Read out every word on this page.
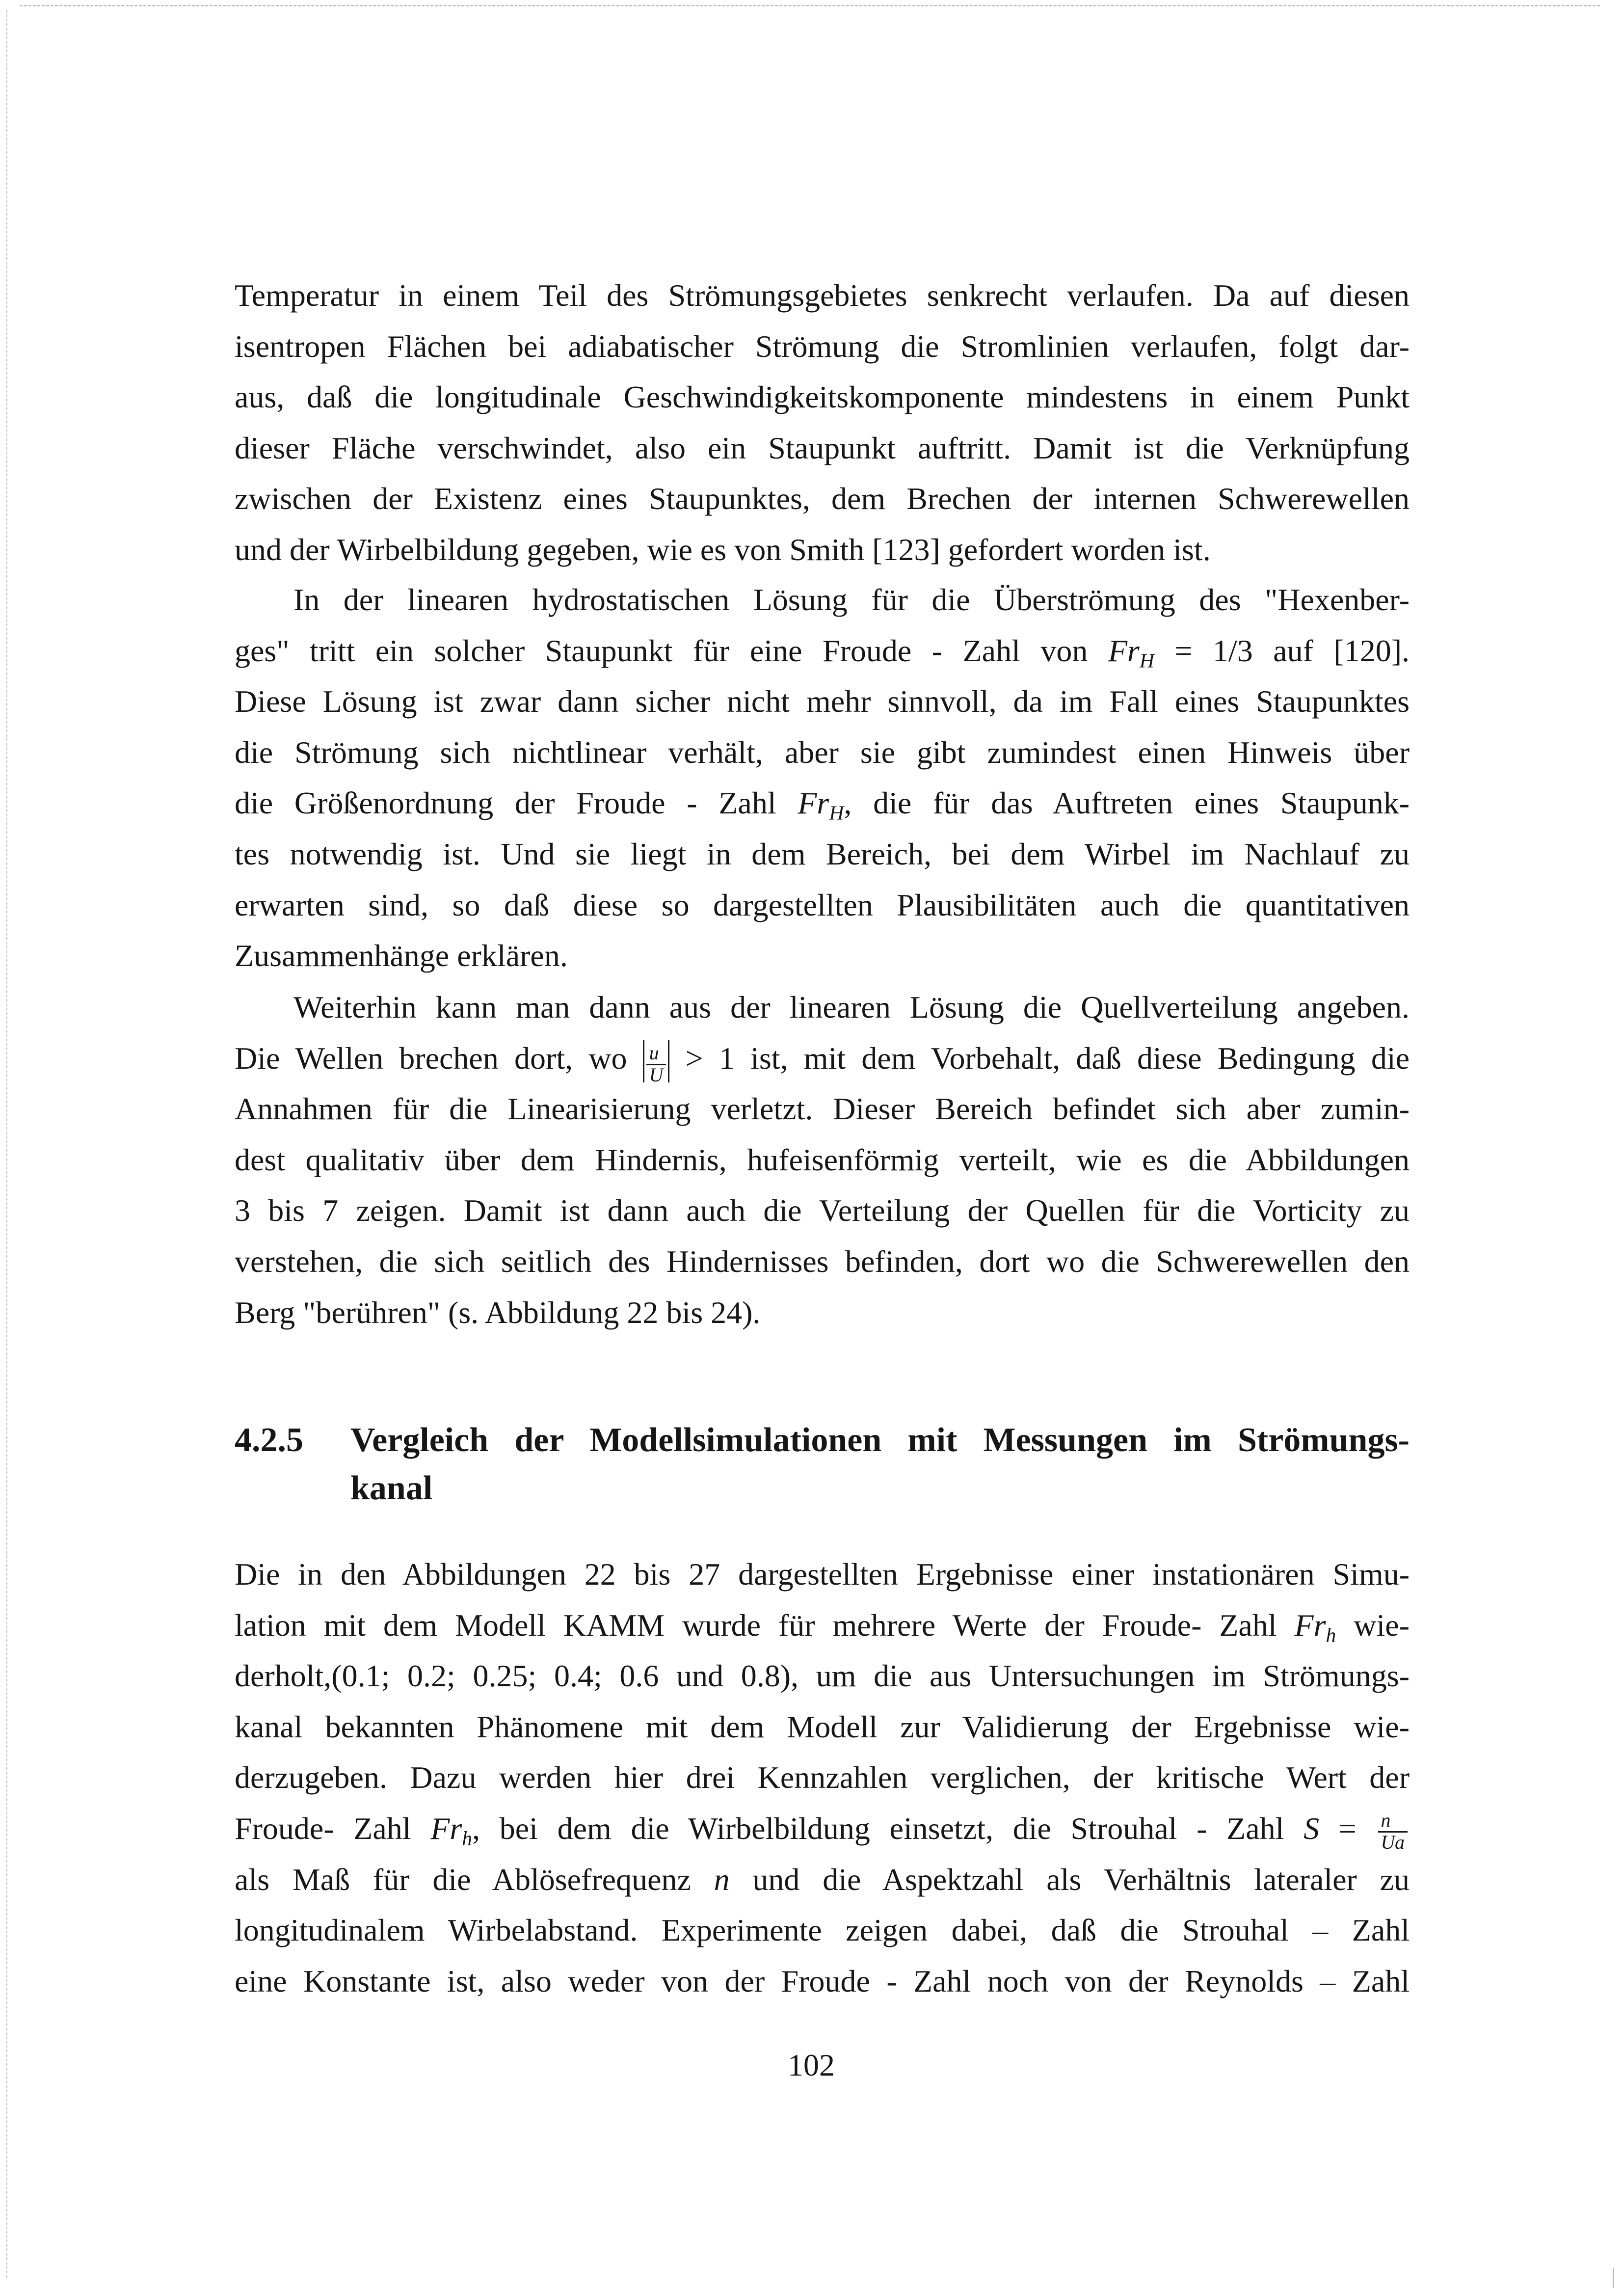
Temperatur in einem Teil des Strömungsgebietes senkrecht verlaufen. Da auf diesen
isentropen Flächen bei adiabatischer Strömung die Stromlinien verlaufen, folgt dar-
aus, daß die longitudinale Geschwindigkeitskomponente mindestens in einem Punkt
dieser Fläche verschwindet, also ein Staupunkt auftritt. Damit ist die Verknüpfung
zwischen der Existenz eines Staupunktes, dem Brechen der internen Schwerewellen
und der Wirbelbildung gegeben, wie es von Smith [123] gefordert worden ist.
In der linearen hydrostatischen Lösung für die Überströmung des "Hexenber-
ges" tritt ein solcher Staupunkt für eine Froude - Zahl von $Fr_H = 1/3$ auf [120].
Diese Lösung ist zwar dann sicher nicht mehr sinnvoll, da im Fall eines Staupunktes
die Strömung sich nichtlinear verhält, aber sie gibt zumindest einen Hinweis über
die Größenordnung der Froude - Zahl $Fr_H$, die für das Auftreten eines Staupunk-
tes notwendig ist. Und sie liegt in dem Bereich, bei dem Wirbel im Nachlauf zu
erwarten sind, so daß diese so dargestellten Plausibilitäten auch die quantitativen
Zusammenhänge erklären.
Weiterhin kann man dann aus der linearen Lösung die Quellverteilung angeben.
Die Wellen brechen dort, wo $\frac{u}{U} > 1$ ist, mit dem Vorbehalt, daß diese Bedingung die
Annahmen für die Linearisierung verletzt. Dieser Bereich befindet sich aber zumin-
dest qualitativ über dem Hindernis, hufeisenförmig verteilt, wie es die Abbildungen
3 bis 7 zeigen. Damit ist dann auch die Verteilung der Quellen für die Vorticity zu
verstehen, die sich seitlich des Hindernisses befinden, dort wo die Schwerewellen den
Berg "berühren" (s. Abbildung 22 bis 24).
4.2.5 Vergleich der Modellsimulationen mit Messungen im Strömungs-
kanal
Die in den Abbildungen 22 bis 27 dargestellten Ergebnisse einer instationären Simu-
lation mit dem Modell KAMM wurde für mehrere Werte der Froude- Zahl $Fr_h$ wie-
derholt,(0.1; 0.2; 0.25; 0.4; 0.6 und 0.8), um die aus Untersuchungen im Strömungs-
kanal bekannten Phänomene mit dem Modell zur Validierung der Ergebnisse wie-
derzugeben. Dazu werden hier drei Kennzahlen verglichen, der kritische Wert der
Froude- Zahl $Fr_h$, bei dem die Wirbelbildung einsetzt, die Strouhal - Zahl $S = \frac{n}{Ua}$
als Maß für die Ablösefrequenz n und die Aspektzahl als Verhältnis lateraler zu
longitudinalem Wirbelabstand. Experimente zeigen dabei, daß die Strouhal – Zahl
eine Konstante ist, also weder von der Froude - Zahl noch von der Reynolds – Zahl
102
